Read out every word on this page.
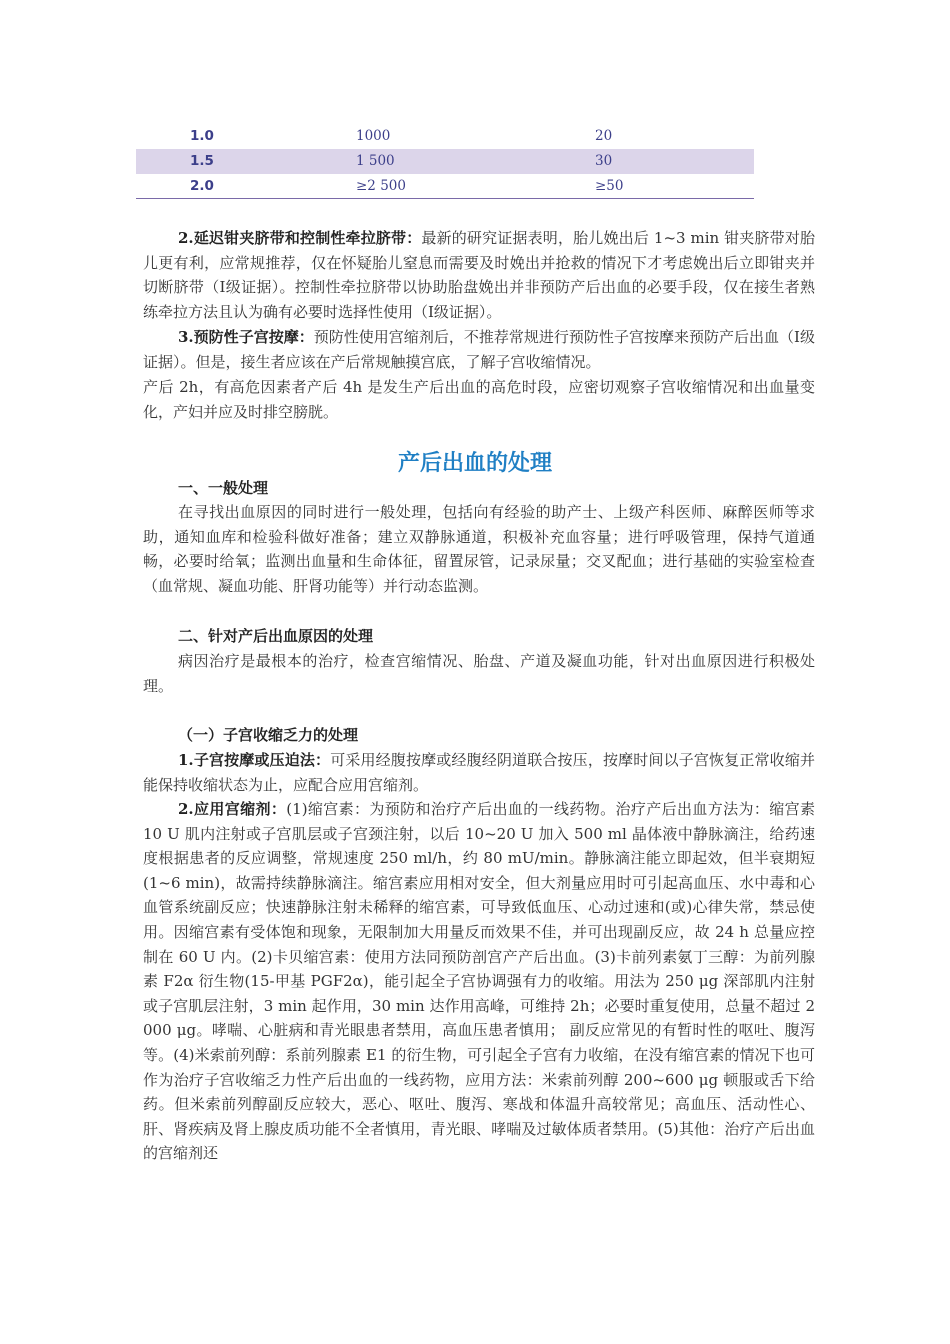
1.0	1000	20
1.5	1 500	30
2.0	≥2 500	≥50

2.延迟钳夹脐带和控制性牵拉脐带：最新的研究证据表明，胎儿娩出后 1~3 min 钳夹脐带对胎儿更有利，应常规推荐，仅在怀疑胎儿窒息而需要及时娩出并抢救的情况下才考虑娩出后立即钳夹并切断脐带（Ⅰ级证据）。控制性牵拉脐带以协助胎盘娩出并非预防产后出血的必要手段，仅在接生者熟练牵拉方法且认为确有必要时选择性使用（Ⅰ级证据）。

3.预防性子宫按摩：预防性使用宫缩剂后，不推荐常规进行预防性子宫按摩来预防产后出血（Ⅰ级证据）。但是，接生者应该在产后常规触摸宫底，了解子宫收缩情况。

产后 2h，有高危因素者产后 4h 是发生产后出血的高危时段，应密切观察子宫收缩情况和出血量变化，产妇并应及时排空膀胱。

产后出血的处理
一、一般处理

在寻找出血原因的同时进行一般处理，包括向有经验的助产士、上级产科医师、麻醉医师等求助，通知血库和检验科做好准备；建立双静脉通道，积极补充血容量；进行呼吸管理，保持气道通畅，必要时给氧；监测出血量和生命体征，留置尿管，记录尿量；交叉配血；进行基础的实验室检查（血常规、凝血功能、肝肾功能等）并行动态监测。

二、针对产后出血原因的处理

病因治疗是最根本的治疗，检查宫缩情况、胎盘、产道及凝血功能，针对出血原因进行积极处理。

（一）子宫收缩乏力的处理

1.子宫按摩或压迫法：可采用经腹按摩或经腹经阴道联合按压，按摩时间以子宫恢复正常收缩并能保持收缩状态为止，应配合应用宫缩剂。

2.应用宫缩剂：(1)缩宫素：为预防和治疗产后出血的一线药物。治疗产后出血方法为：缩宫素 10 U 肌内注射或子宫肌层或子宫颈注射，以后 10~20 U 加入 500 ml 晶体液中静脉滴注，给药速度根据患者的反应调整，常规速度 250 ml/h，约 80 mU/min。静脉滴注能立即起效，但半衰期短(1~6 min)，故需持续静脉滴注。缩宫素应用相对安全，但大剂量应用时可引起高血压、水中毒和心血管系统副反应；快速静脉注射未稀释的缩宫素，可导致低血压、心动过速和(或)心律失常，禁忌使用。因缩宫素有受体饱和现象，无限制加大用量反而效果不佳，并可出现副反应，故 24 h 总量应控制在 60 U 内。(2)卡贝缩宫素：使用方法同预防剖宫产产后出血。(3)卡前列素氨丁三醇：为前列腺素 F2α 衍生物(15-甲基 PGF2α)，能引起全子宫协调强有力的收缩。用法为 250 μg 深部肌内注射或子宫肌层注射，3 min 起作用，30 min 达作用高峰，可维持 2h；必要时重复使用，总量不超过 2 000 μg。哮喘、心脏病和青光眼患者禁用，高血压患者慎用； 副反应常见的有暂时性的呕吐、腹泻等。(4)米索前列醇：系前列腺素 E1 的衍生物，可引起全子宫有力收缩，在没有缩宫素的情况下也可作为治疗子宫收缩乏力性产后出血的一线药物，应用方法：米索前列醇 200~600 μg 顿服或舌下给药。但米索前列醇副反应较大，恶心、呕吐、腹泻、寒战和体温升高较常见；高血压、活动性心、肝、肾疾病及肾上腺皮质功能不全者慎用，青光眼、哮喘及过敏体质者禁用。(5)其他：治疗产后出血的宫缩剂还
